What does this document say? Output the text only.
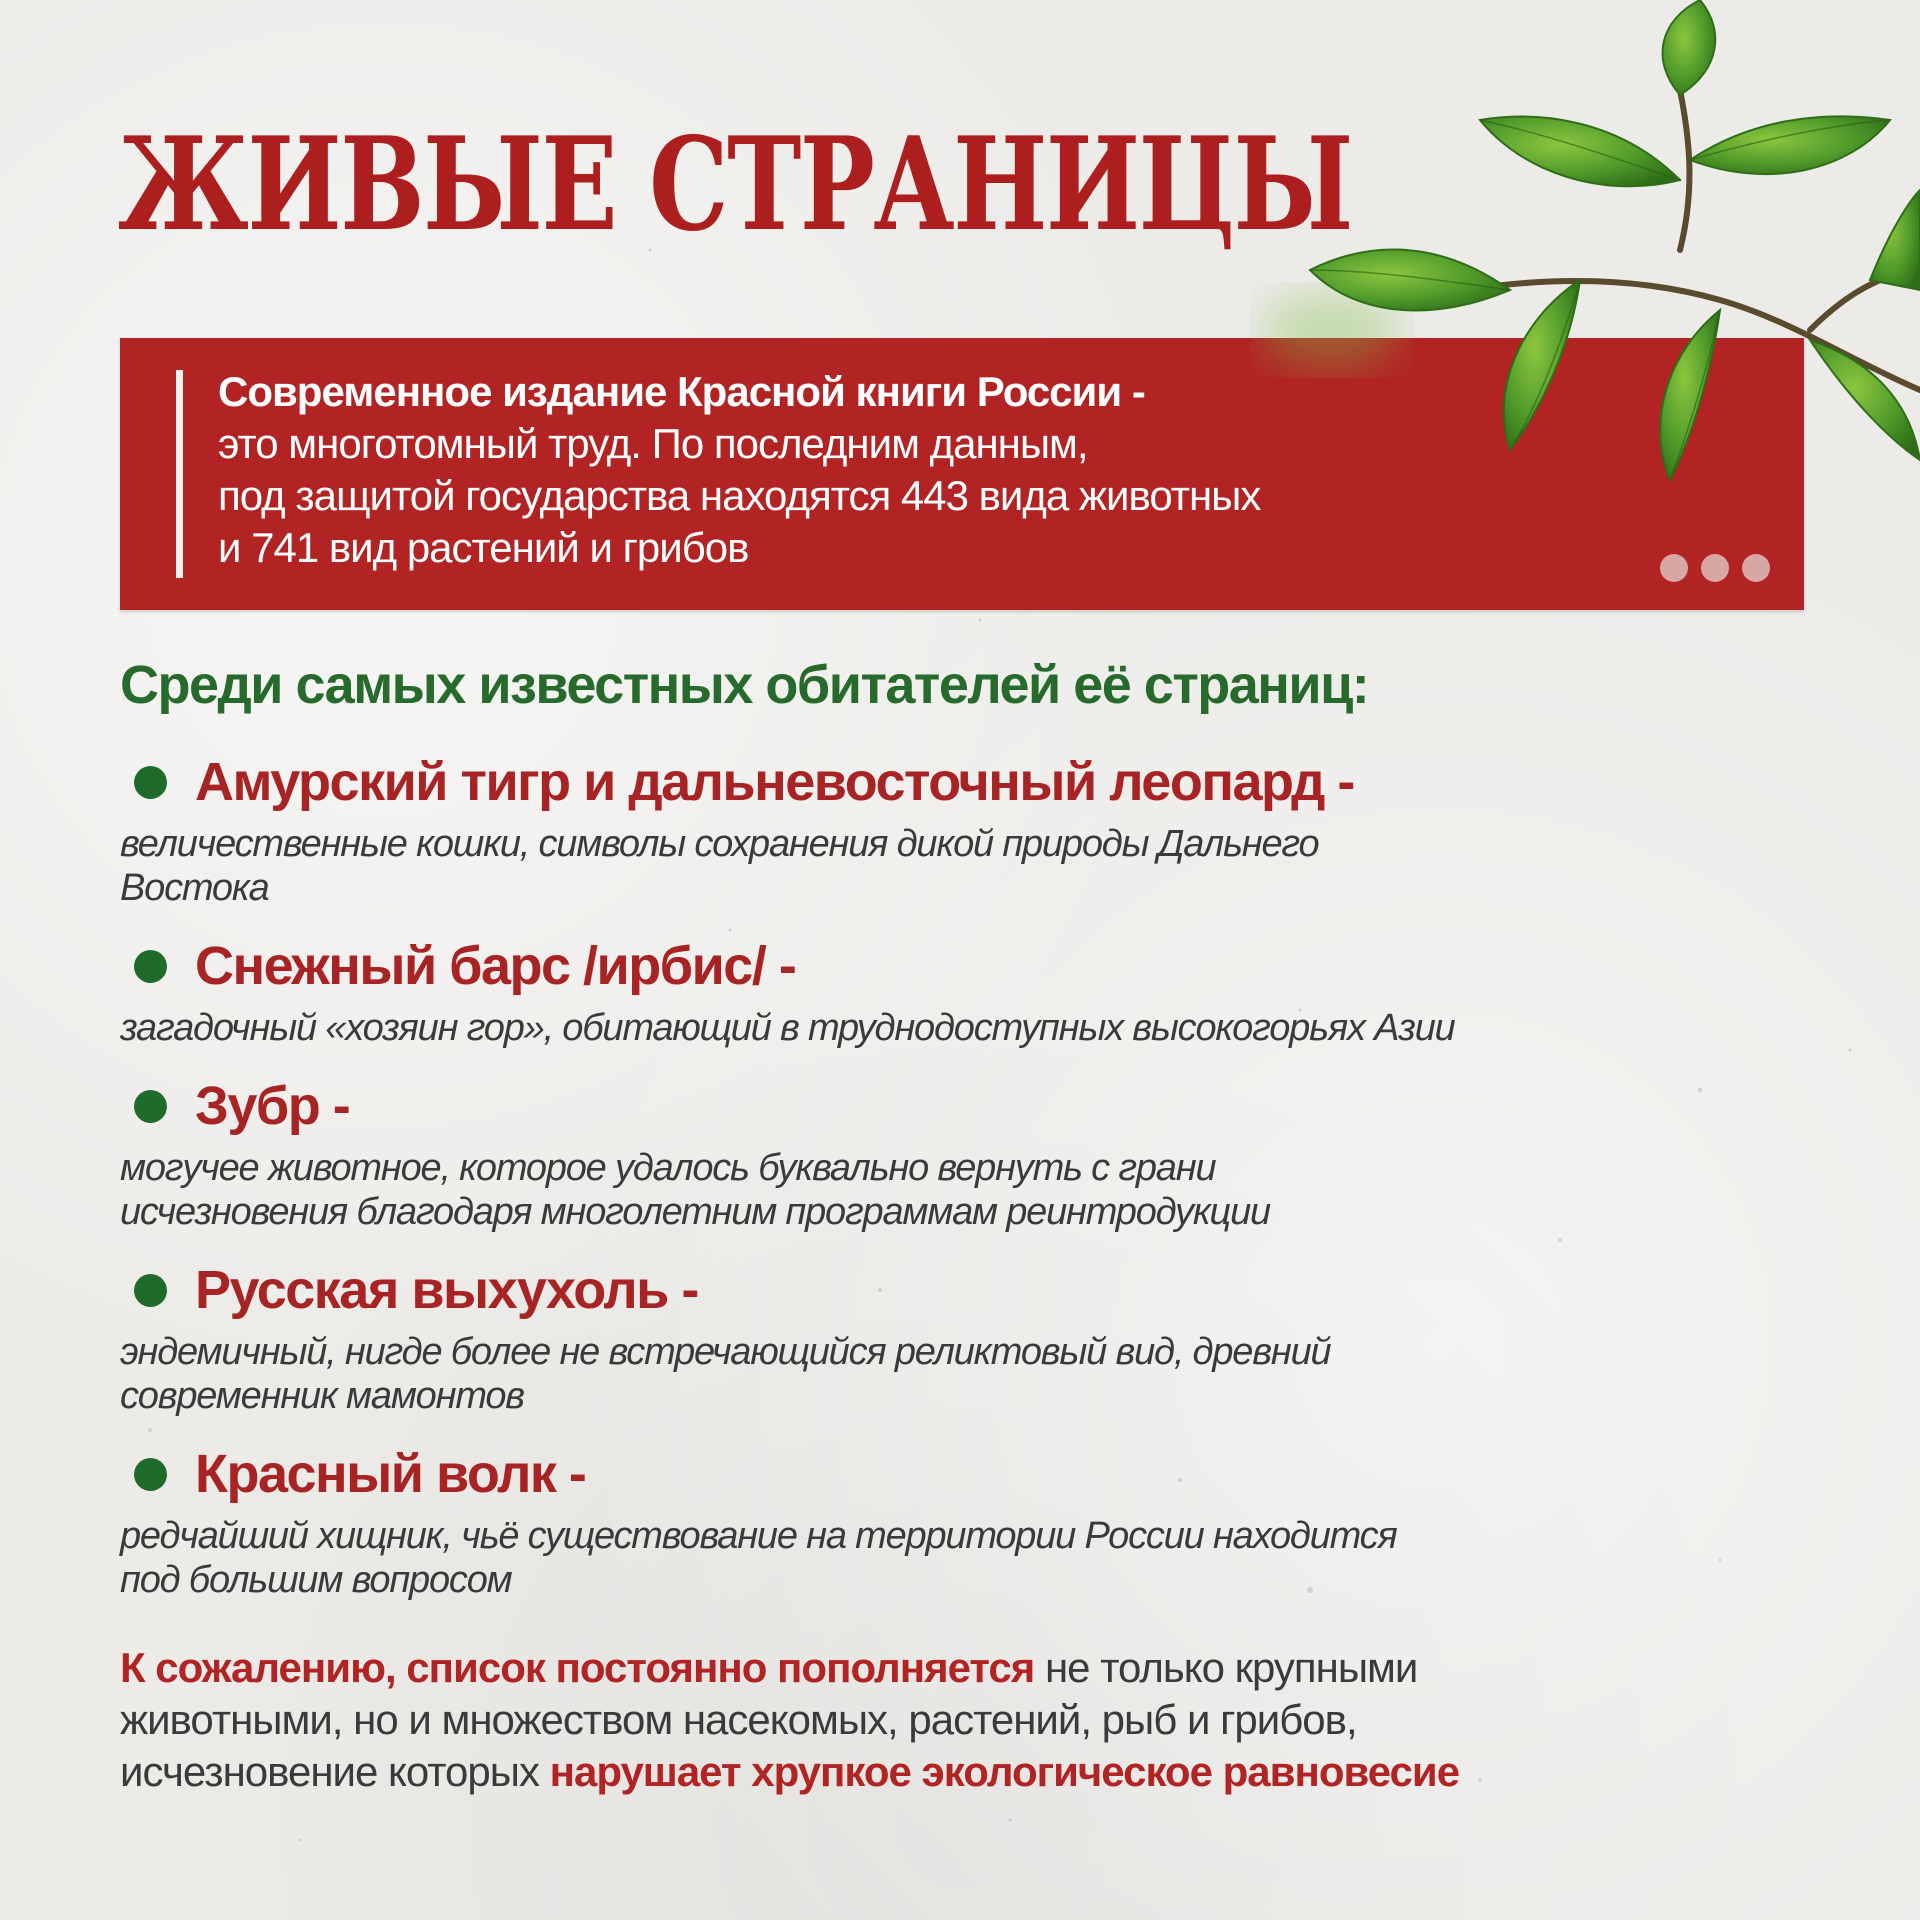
ЖИВЫЕ СТРАНИЦЫ
Современное издание Красной книги России -
это многотомный труд. По последним данным,
под защитой государства находятся 443 вида животных
и 741 вид растений и грибов
Среди самых известных обитателей её страниц:
Амурский тигр и дальневосточный леопард -
величественные кошки, символы сохранения дикой природы Дальнего
Востока
Снежный барс /ирбис/ -
загадочный «хозяин гор», обитающий в труднодоступных высокогорьях Азии
Зубр -
могучее животное, которое удалось буквально вернуть с грани
исчезновения благодаря многолетним программам реинтродукции
Русская выхухоль -
эндемичный, нигде более не встречающийся реликтовый вид, древний
современник мамонтов
Красный волк -
редчайший хищник, чьё существование на территории России находится
под большим вопросом
К сожалению, список постоянно пополняется не только крупными
животными, но и множеством насекомых, растений, рыб и грибов,
исчезновение которых нарушает хрупкое экологическое равновесие
